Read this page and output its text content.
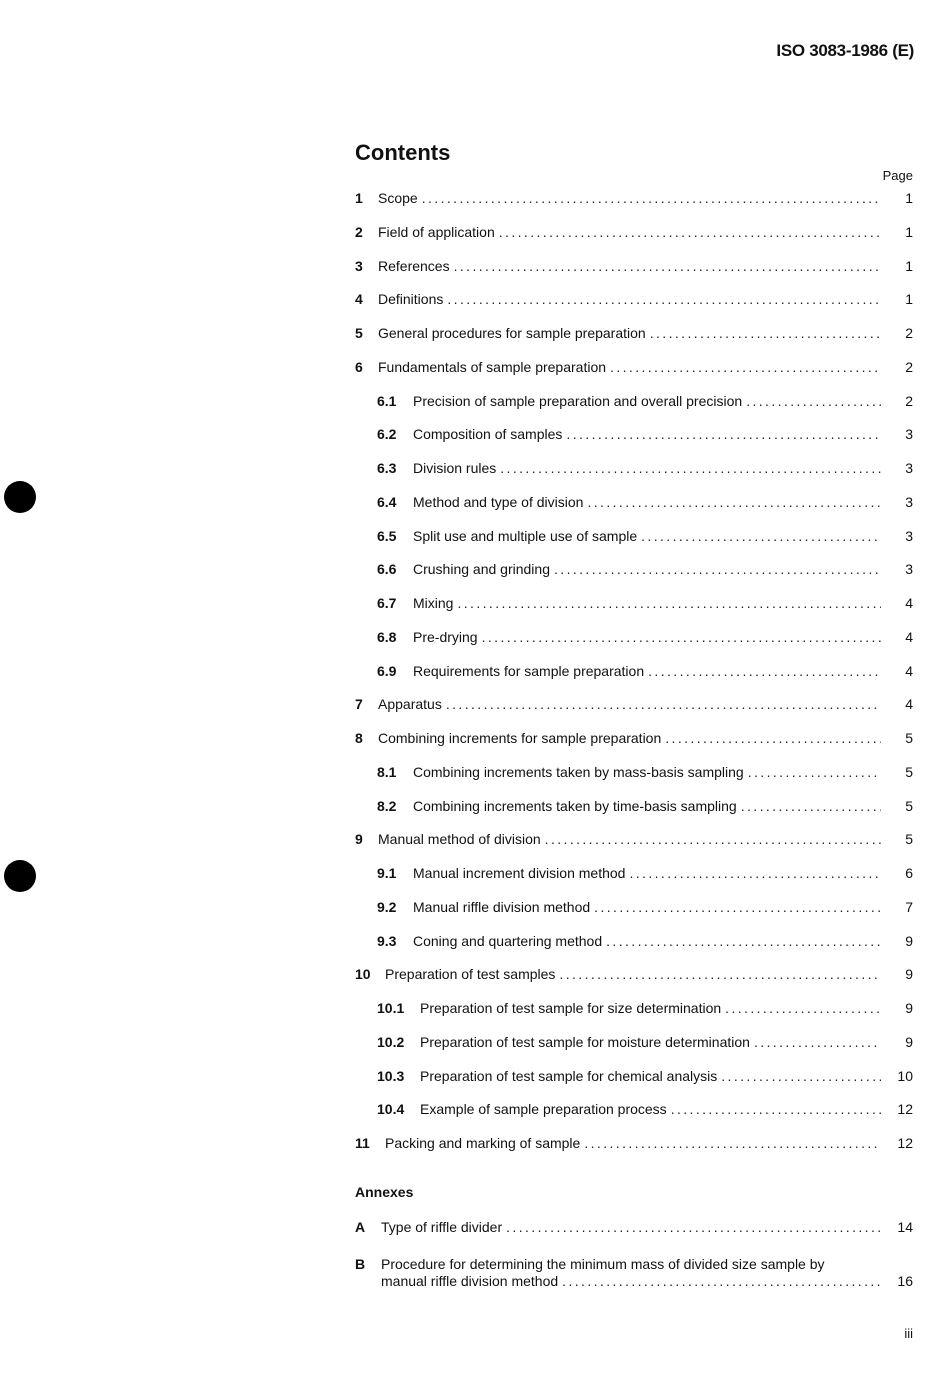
ISO 3083-1986 (E)
Contents
Page
1	Scope .....	1
2	Field of application .....	1
3	References .....	1
4	Definitions .....	1
5	General procedures for sample preparation .....	2
6	Fundamentals of sample preparation .....	2
6.1	Precision of sample preparation and overall precision .....	2
6.2	Composition of samples .....	3
6.3	Division rules .....	3
6.4	Method and type of division .....	3
6.5	Split use and multiple use of sample .....	3
6.6	Crushing and grinding .....	3
6.7	Mixing .....	4
6.8	Pre-drying .....	4
6.9	Requirements for sample preparation .....	4
7	Apparatus .....	4
8	Combining increments for sample preparation .....	5
8.1	Combining increments taken by mass-basis sampling .....	5
8.2	Combining increments taken by time-basis sampling .....	5
9	Manual method of division .....	5
9.1	Manual increment division method .....	6
9.2	Manual riffle division method .....	7
9.3	Coning and quartering method .....	9
10	Preparation of test samples .....	9
10.1	Preparation of test sample for size determination .....	9
10.2	Preparation of test sample for moisture determination .....	9
10.3	Preparation of test sample for chemical analysis .....	10
10.4	Example of sample preparation process .....	12
11	Packing and marking of sample .....	12
Annexes
A	Type of riffle divider .....	14
B Procedure for determining the minimum mass of divided size sample by
manual riffle division method .....	16
iii
